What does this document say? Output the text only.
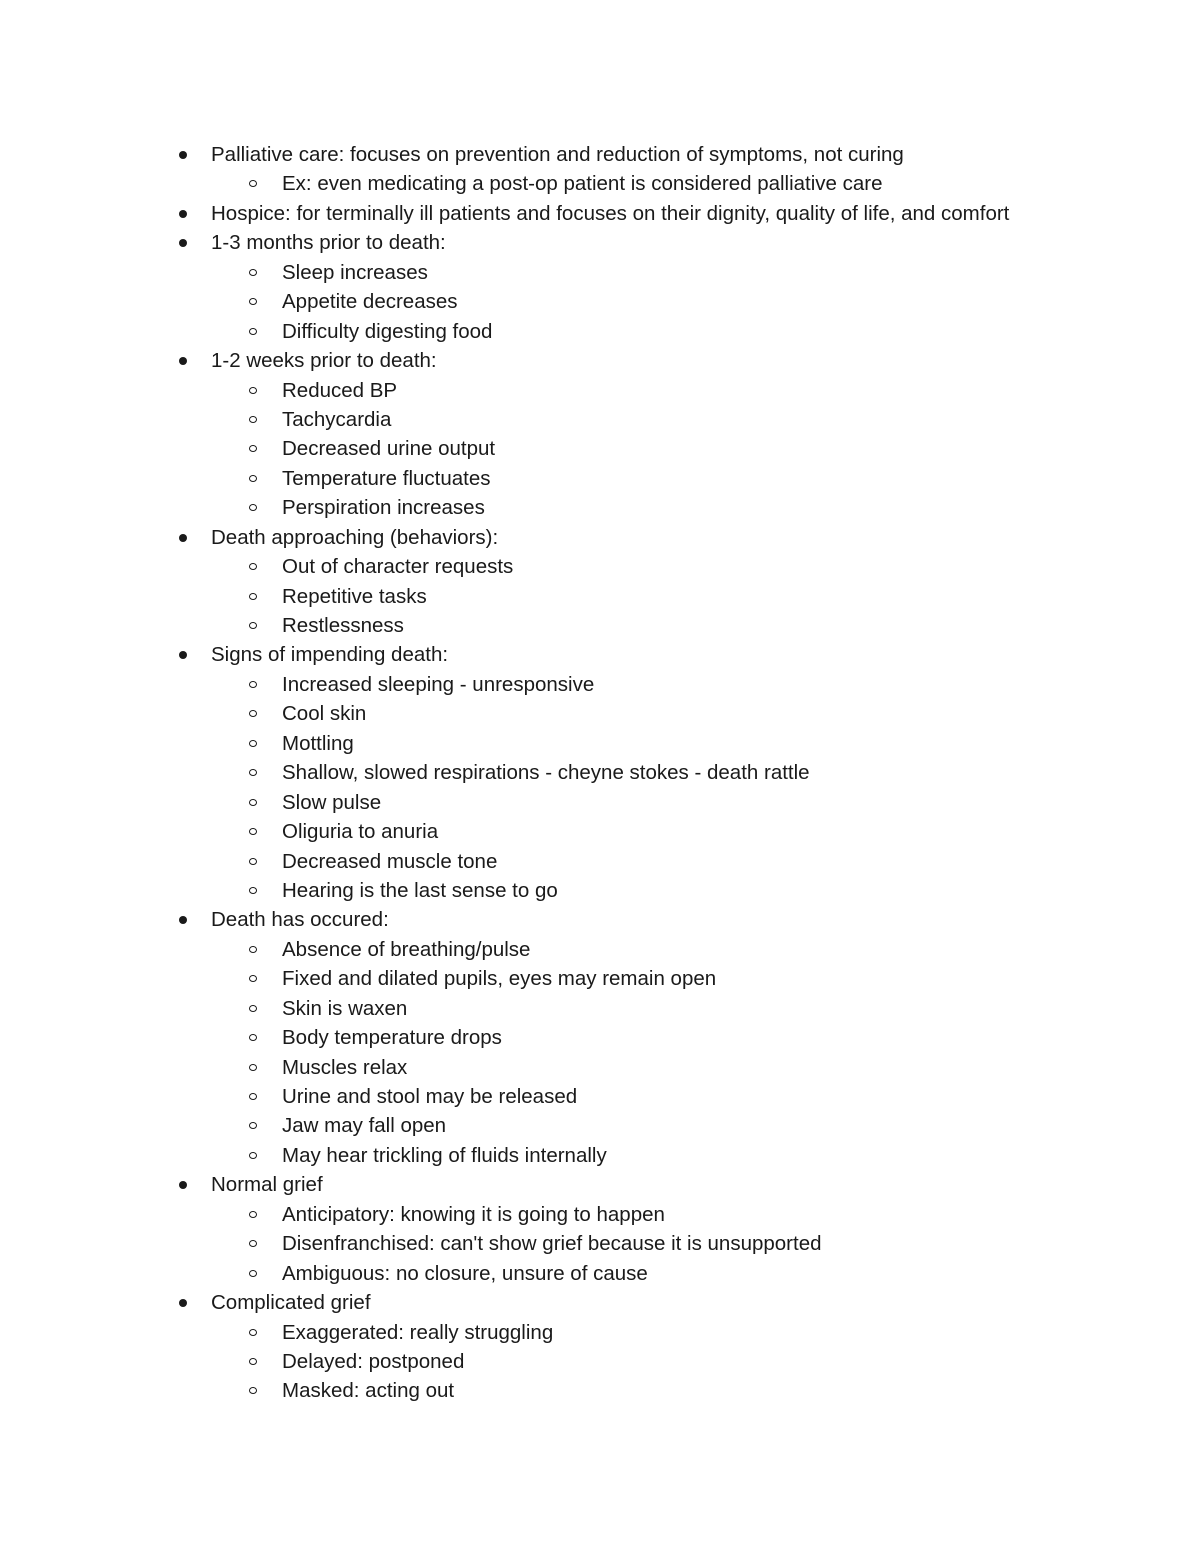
Palliative care: focuses on prevention and reduction of symptoms, not curing
Ex: even medicating a post-op patient is considered palliative care
Hospice: for terminally ill patients and focuses on their dignity, quality of life, and comfort
1-3 months prior to death:
Sleep increases
Appetite decreases
Difficulty digesting food
1-2 weeks prior to death:
Reduced BP
Tachycardia
Decreased urine output
Temperature fluctuates
Perspiration increases
Death approaching (behaviors):
Out of character requests
Repetitive tasks
Restlessness
Signs of impending death:
Increased sleeping - unresponsive
Cool skin
Mottling
Shallow, slowed respirations - cheyne stokes - death rattle
Slow pulse
Oliguria to anuria
Decreased muscle tone
Hearing is the last sense to go
Death has occured:
Absence of breathing/pulse
Fixed and dilated pupils, eyes may remain open
Skin is waxen
Body temperature drops
Muscles relax
Urine and stool may be released
Jaw may fall open
May hear trickling of fluids internally
Normal grief
Anticipatory: knowing it is going to happen
Disenfranchised: can't show grief because it is unsupported
Ambiguous: no closure, unsure of cause
Complicated grief
Exaggerated: really struggling
Delayed: postponed
Masked: acting out
